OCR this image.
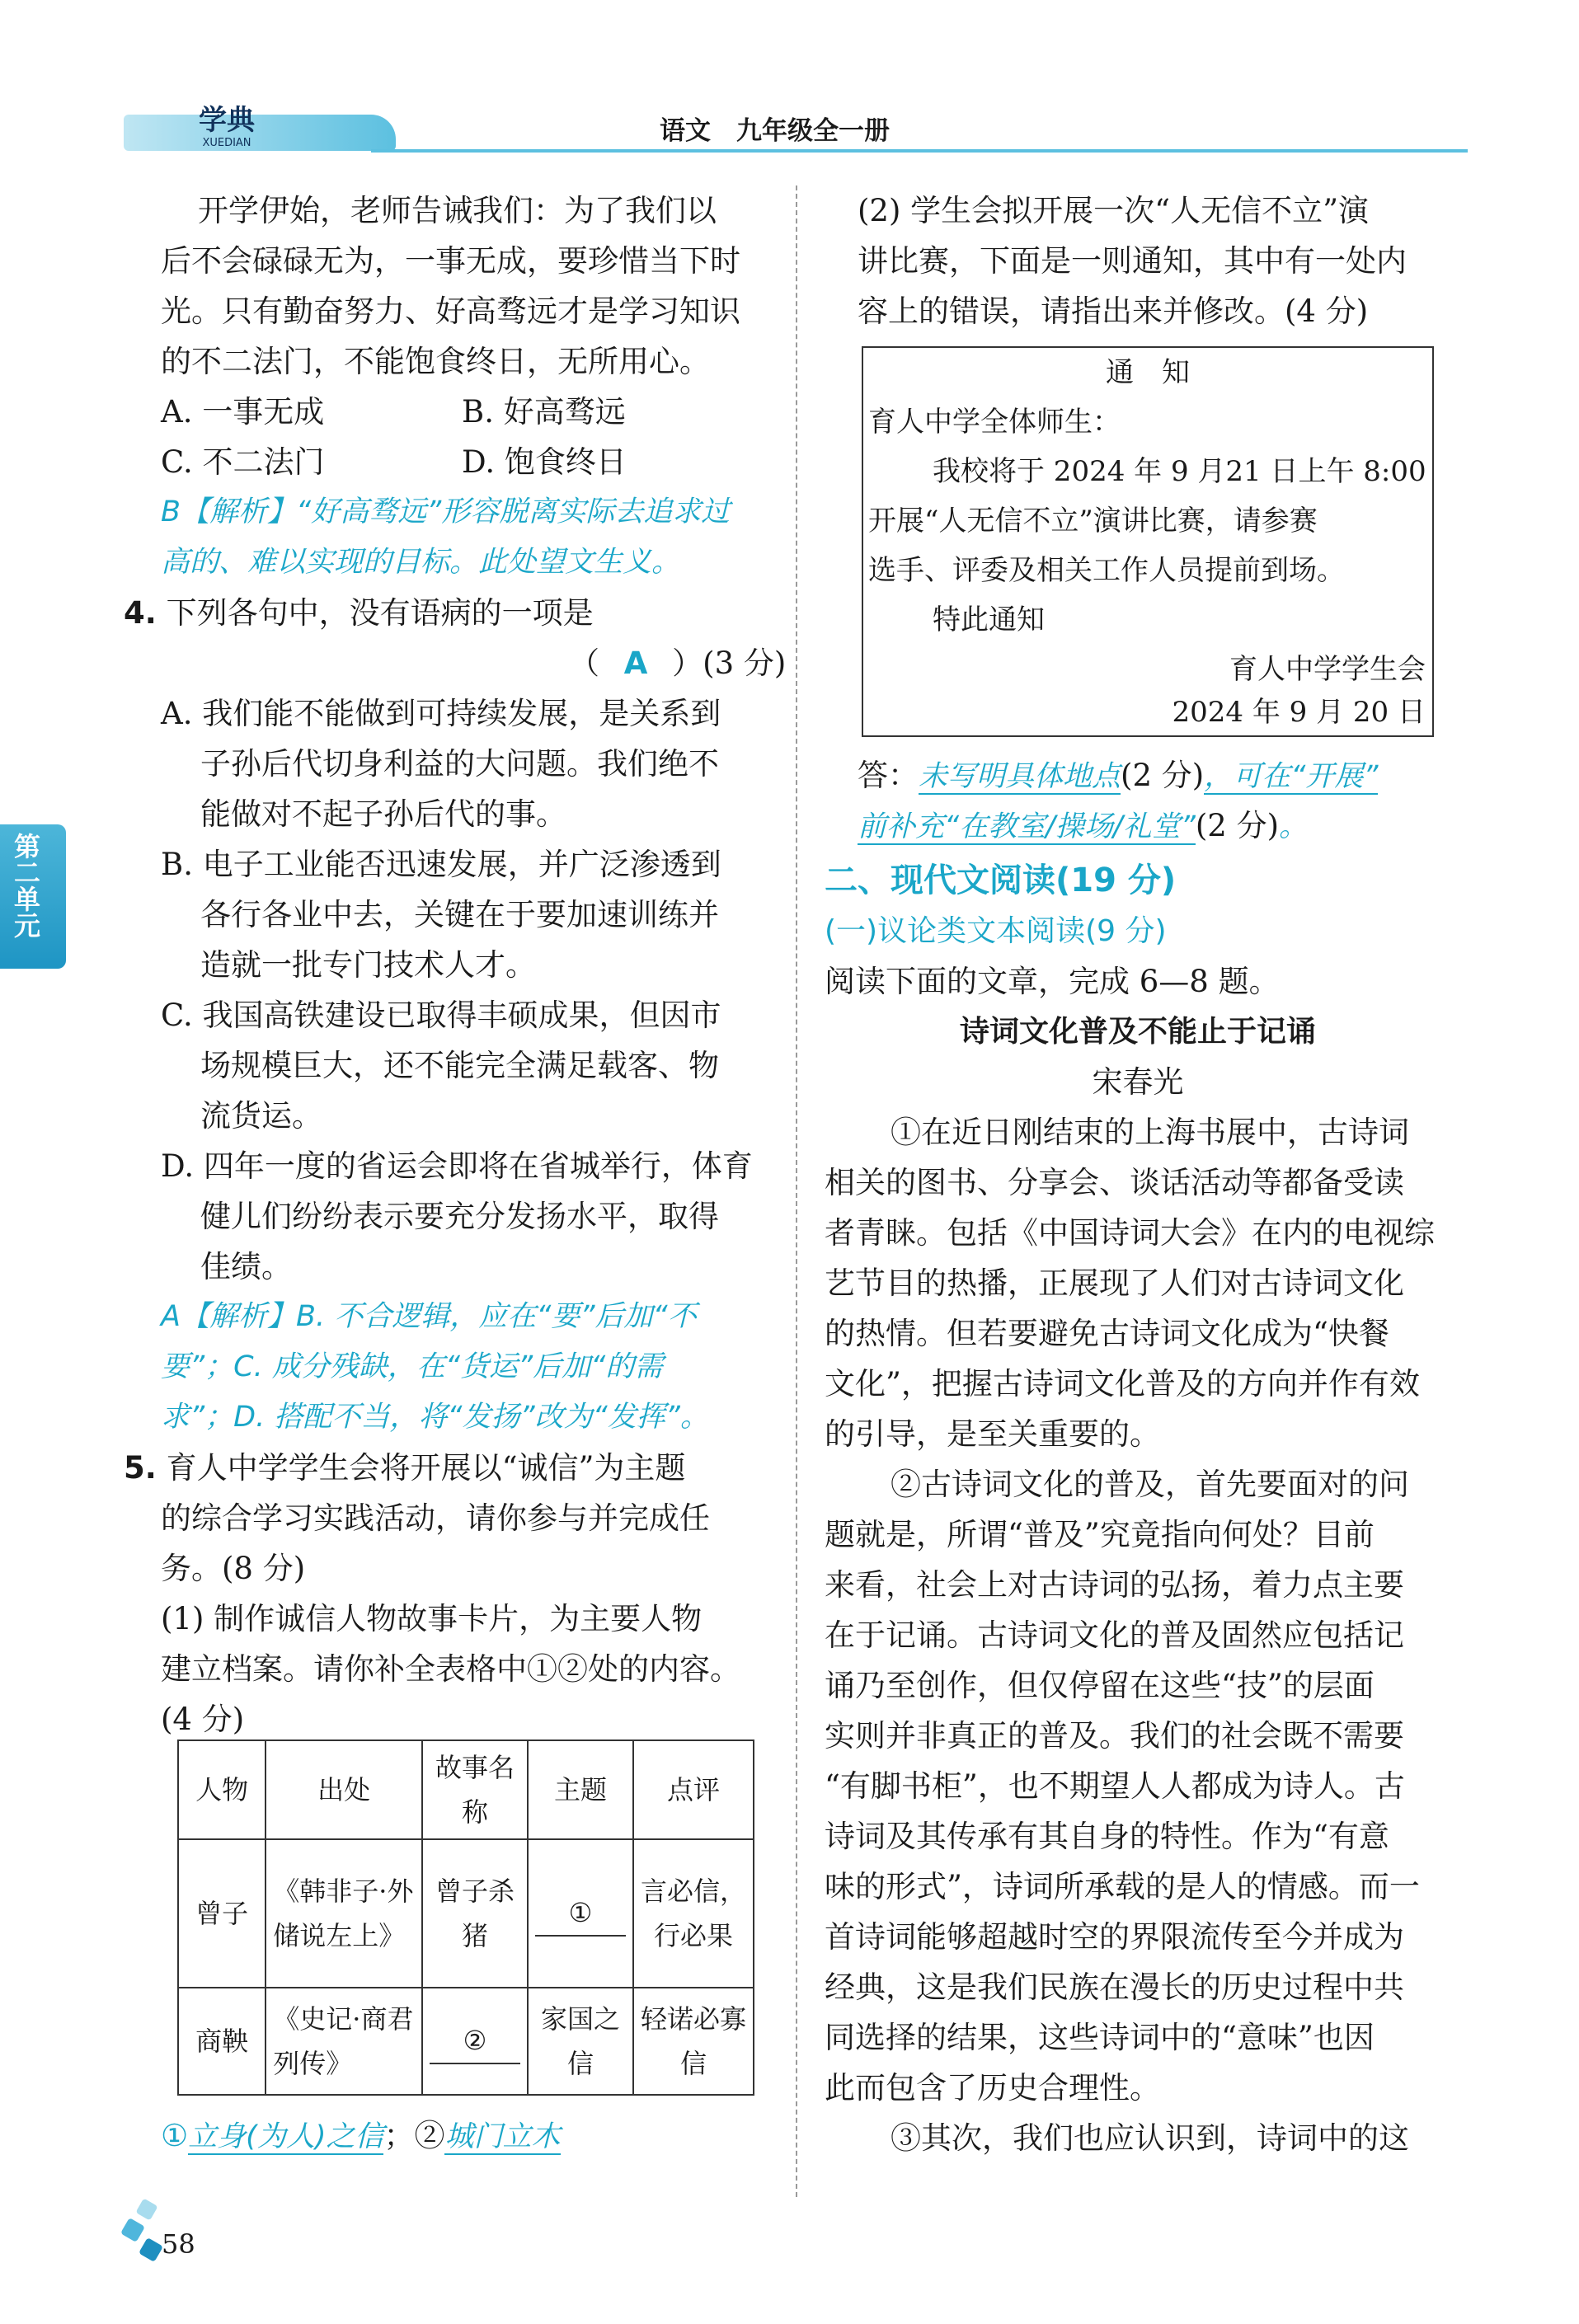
学典
XUEDIAN	语文　九年级全一册
第二单元
开学伊始，老师告诫我们：为了我们以
后不会碌碌无为，一事无成，要珍惜当下时
光。只有勤奋努力、好高骛远才是学习知识
的不二法门，不能饱食终日，无所用心。
A. 一事无成	B. 好高骛远
C. 不二法门	D. 饱食终日
B【解析】“好高骛远”形容脱离实际去追求过
高的、难以实现的目标。此处望文生义。
4. 下列各句中，没有语病的一项是
（ A ）(3 分)
A. 我们能不能做到可持续发展，是关系到
子孙后代切身利益的大问题。我们绝不
能做对不起子孙后代的事。
B. 电子工业能否迅速发展，并广泛渗透到
各行各业中去，关键在于要加速训练并
造就一批专门技术人才。
C. 我国高铁建设已取得丰硕成果，但因市
场规模巨大，还不能完全满足载客、物
流货运。
D. 四年一度的省运会即将在省城举行，体育
健儿们纷纷表示要充分发扬水平，取得
佳绩。
A【解析】B. 不合逻辑，应在“要”后加“不
要”；C. 成分残缺，在“货运”后加“的需
求”；D. 搭配不当，将“发扬”改为“发挥”。
5. 育人中学学生会将开展以“诚信”为主题
的综合学习实践活动，请你参与并完成任
务。(8 分)
(1) 制作诚信人物故事卡片，为主要人物
建立档案。请你补全表格中①②处的内容。
(4 分)
人物	出处	故事名称	主题	点评
曾子	《韩非子·外储说左上》	曾子杀猪	①	言必信，行必果
商鞅	《史记·商君列传》	②	家国之信	轻诺必寡信
①立身(为人)之信；②城门立木
(2) 学生会拟开展一次“人无信不立”演
讲比赛，下面是一则通知，其中有一处内
容上的错误，请指出来并修改。(4 分)
通　知
育人中学全体师生：
我校将于 2024 年 9 月21 日上午 8:00
开展“人无信不立”演讲比赛，请参赛
选手、评委及相关工作人员提前到场。
特此通知
育人中学学生会
2024 年 9 月 20 日
答：未写明具体地点(2 分)，可在“开展”
前补充“在教室/操场/礼堂”(2 分)。
二、现代文阅读(19 分)
(一)议论类文本阅读(9 分)
阅读下面的文章，完成 6—8 题。
诗词文化普及不能止于记诵
宋春光
①在近日刚结束的上海书展中，古诗词
相关的图书、分享会、谈话活动等都备受读
者青睐。包括《中国诗词大会》在内的电视综
艺节目的热播，正展现了人们对古诗词文化
的热情。但若要避免古诗词文化成为“快餐
文化”，把握古诗词文化普及的方向并作有效
的引导，是至关重要的。
②古诗词文化的普及，首先要面对的问
题就是，所谓“普及”究竟指向何处？目前
来看，社会上对古诗词的弘扬，着力点主要
在于记诵。古诗词文化的普及固然应包括记
诵乃至创作，但仅停留在这些“技”的层面
实则并非真正的普及。我们的社会既不需要
“有脚书柜”，也不期望人人都成为诗人。古
诗词及其传承有其自身的特性。作为“有意
味的形式”，诗词所承载的是人的情感。而一
首诗词能够超越时空的界限流传至今并成为
经典，这是我们民族在漫长的历史过程中共
同选择的结果，这些诗词中的“意味”也因
此而包含了历史合理性。
③其次，我们也应认识到，诗词中的这
58
